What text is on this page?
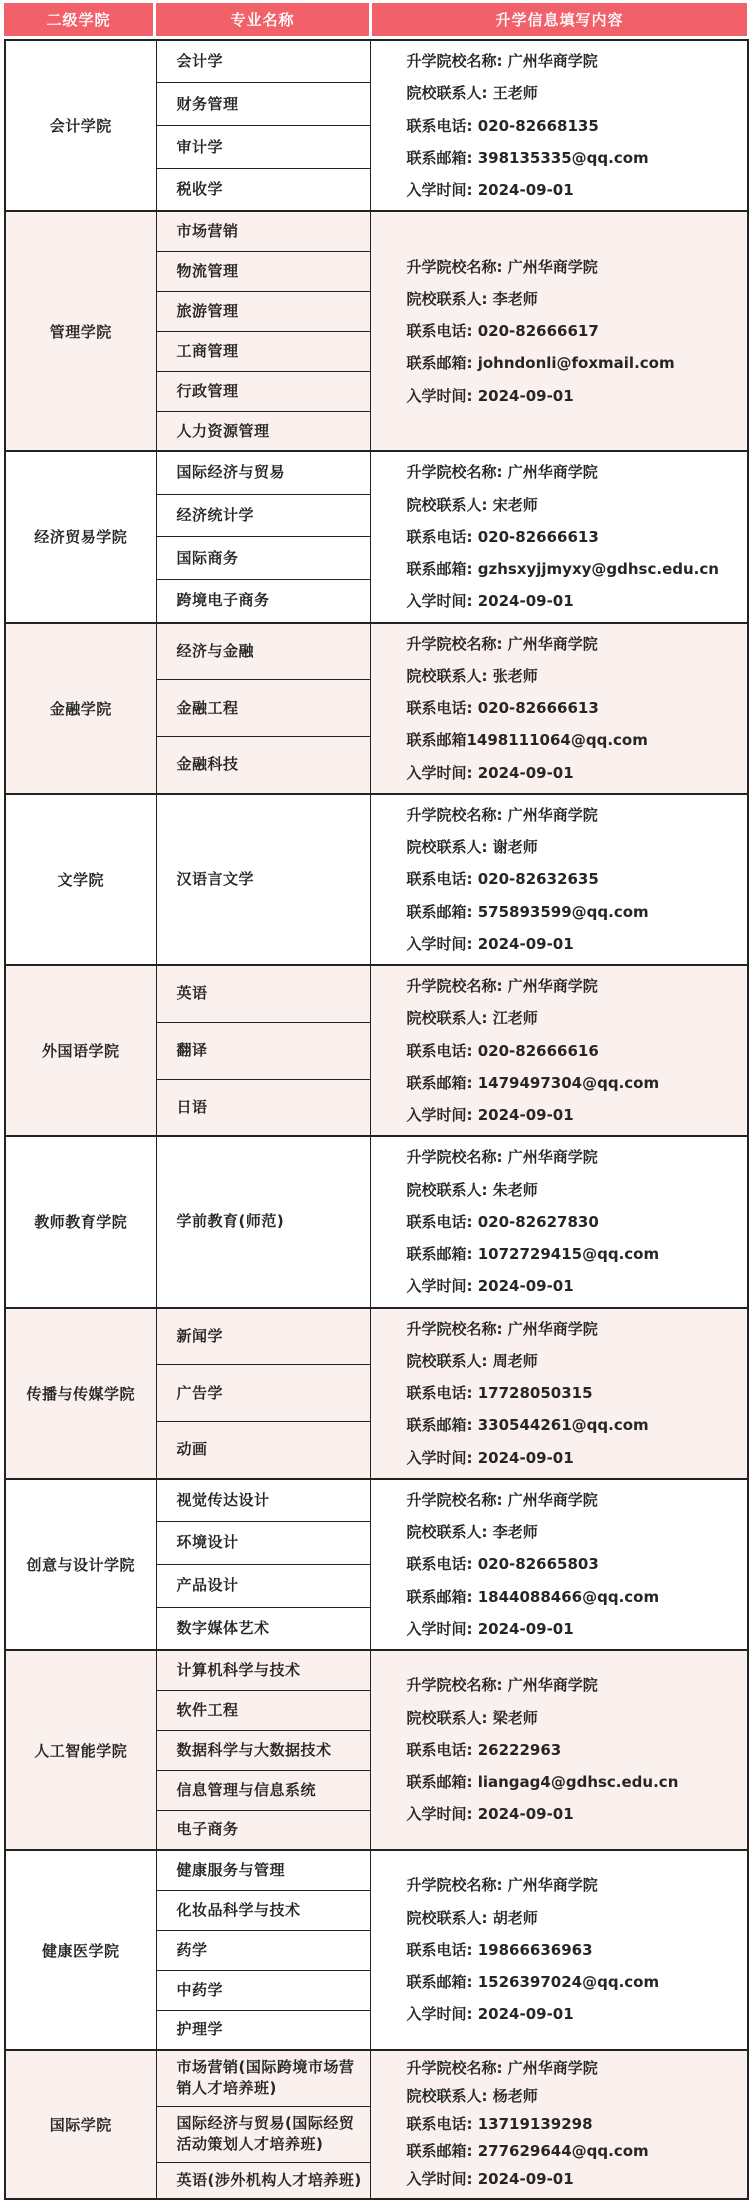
二级学院	专业名称	升学信息填写内容
会计学院	会计学	升学院校名称: 广州华商学院
院校联系人: 王老师
联系电话: 020-82668135
联系邮箱: 398135335@qq.com
入学时间: 2024-09-01

	财务管理	
	审计学	
	税收学	
管理学院	市场营销	升学院校名称: 广州华商学院
院校联系人: 李老师
联系电话: 020-82666617
联系邮箱: johndonli@foxmail.com
入学时间: 2024-09-01

	物流管理	
	旅游管理	
	工商管理	
	行政管理	
	人力资源管理	
经济贸易学院	国际经济与贸易	升学院校名称: 广州华商学院
院校联系人: 宋老师
联系电话: 020-82666613
联系邮箱: gzhsxyjjmyxy@gdhsc.edu.cn
入学时间: 2024-09-01

	经济统计学	
	国际商务	
	跨境电子商务	
金融学院	经济与金融	升学院校名称: 广州华商学院
院校联系人: 张老师
联系电话: 020-82666613
联系邮箱1498111064@qq.com
入学时间: 2024-09-01

	金融工程	
	金融科技	
文学院	汉语言文学	升学院校名称: 广州华商学院
院校联系人: 谢老师
联系电话: 020-82632635
联系邮箱: 575893599@qq.com
入学时间: 2024-09-01

外国语学院	英语	升学院校名称: 广州华商学院
院校联系人: 江老师
联系电话: 020-82666616
联系邮箱: 1479497304@qq.com
入学时间: 2024-09-01

	翻译	
	日语	
教师教育学院	学前教育(师范)	升学院校名称: 广州华商学院
院校联系人: 朱老师
联系电话: 020-82627830
联系邮箱: 1072729415@qq.com
入学时间: 2024-09-01

传播与传媒学院	新闻学	升学院校名称: 广州华商学院
院校联系人: 周老师
联系电话: 17728050315
联系邮箱: 330544261@qq.com
入学时间: 2024-09-01

	广告学	
	动画	
创意与设计学院	视觉传达设计	升学院校名称: 广州华商学院
院校联系人: 李老师
联系电话: 020-82665803
联系邮箱: 1844088466@qq.com
入学时间: 2024-09-01

	环境设计	
	产品设计	
	数字媒体艺术	
人工智能学院	计算机科学与技术	升学院校名称: 广州华商学院
院校联系人: 梁老师
联系电话: 26222963
联系邮箱: liangag4@gdhsc.edu.cn
入学时间: 2024-09-01

	软件工程	
	数据科学与大数据技术	
	信息管理与信息系统	
	电子商务	
健康医学院	健康服务与管理	升学院校名称: 广州华商学院
院校联系人: 胡老师
联系电话: 19866636963
联系邮箱: 1526397024@qq.com
入学时间: 2024-09-01

	化妆品科学与技术	
	药学	
	中药学	
	护理学	
国际学院	市场营销(国际跨境市场营销人才培养班)	升学院校名称: 广州华商学院
院校联系人: 杨老师
联系电话: 13719139298
联系邮箱: 277629644@qq.com
入学时间: 2024-09-01

	国际经济与贸易(国际经贸活动策划人才培养班)	
	英语(涉外机构人才培养班)	
